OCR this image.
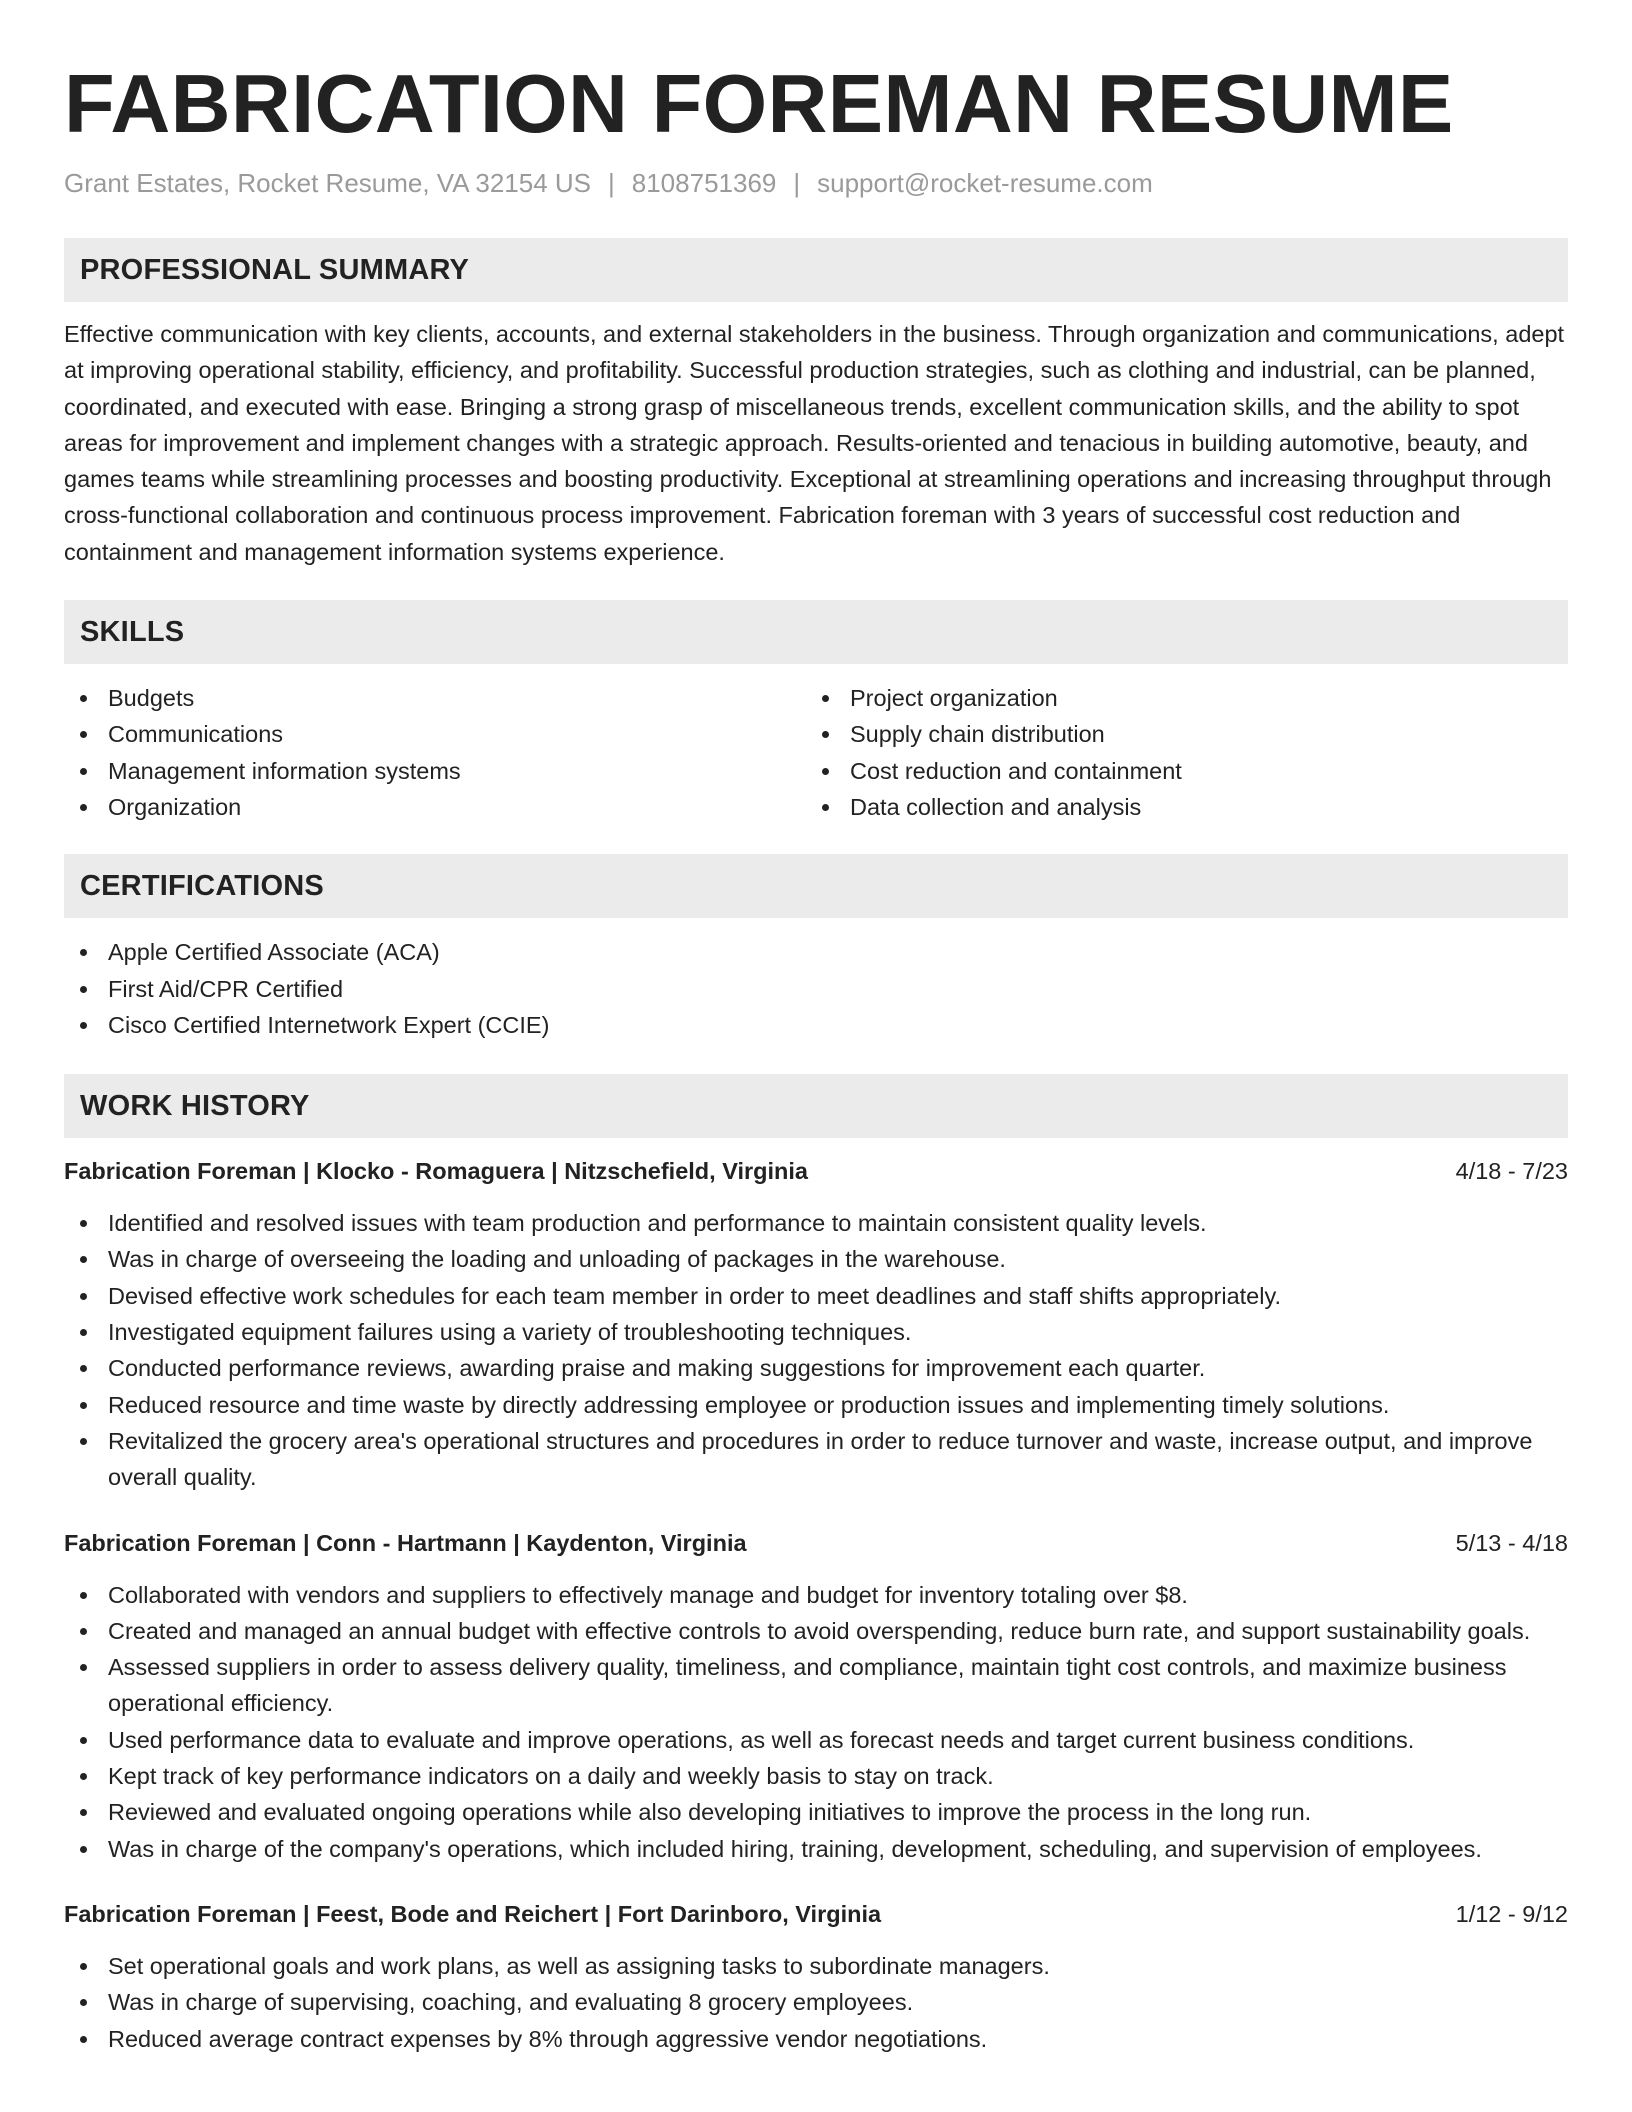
FABRICATION FOREMAN RESUME
Grant Estates, Rocket Resume, VA 32154 US | 8108751369 | support@rocket-resume.com
PROFESSIONAL SUMMARY

Effective communication with key clients, accounts, and external stakeholders in the business. Through organization and communications, adept at improving operational stability, efficiency, and profitability. Successful production strategies, such as clothing and industrial, can be planned, coordinated, and executed with ease. Bringing a strong grasp of miscellaneous trends, excellent communication skills, and the ability to spot areas for improvement and implement changes with a strategic approach. Results-oriented and tenacious in building automotive, beauty, and games teams while streamlining processes and boosting productivity. Exceptional at streamlining operations and increasing throughput through cross-functional collaboration and continuous process improvement. Fabrication foreman with 3 years of successful cost reduction and containment and management information systems experience.

SKILLS
Budgets
Communications
Management information systems
Organization
Project organization
Supply chain distribution
Cost reduction and containment
Data collection and analysis
CERTIFICATIONS
Apple Certified Associate (ACA)
First Aid/CPR Certified
Cisco Certified Internetwork Expert (CCIE)
WORK HISTORY
Fabrication Foreman | Klocko - Romaguera | Nitzschefield, Virginia	4/18 - 7/23
Identified and resolved issues with team production and performance to maintain consistent quality levels.
Was in charge of overseeing the loading and unloading of packages in the warehouse.
Devised effective work schedules for each team member in order to meet deadlines and staff shifts appropriately.
Investigated equipment failures using a variety of troubleshooting techniques.
Conducted performance reviews, awarding praise and making suggestions for improvement each quarter.
Reduced resource and time waste by directly addressing employee or production issues and implementing timely solutions.
Revitalized the grocery area's operational structures and procedures in order to reduce turnover and waste, increase output, and improve overall quality.
Fabrication Foreman | Conn - Hartmann | Kaydenton, Virginia	5/13 - 4/18
Collaborated with vendors and suppliers to effectively manage and budget for inventory totaling over $8.
Created and managed an annual budget with effective controls to avoid overspending, reduce burn rate, and support sustainability goals.
Assessed suppliers in order to assess delivery quality, timeliness, and compliance, maintain tight cost controls, and maximize business operational efficiency.
Used performance data to evaluate and improve operations, as well as forecast needs and target current business conditions.
Kept track of key performance indicators on a daily and weekly basis to stay on track.
Reviewed and evaluated ongoing operations while also developing initiatives to improve the process in the long run.
Was in charge of the company's operations, which included hiring, training, development, scheduling, and supervision of employees.
Fabrication Foreman | Feest, Bode and Reichert | Fort Darinboro, Virginia	1/12 - 9/12
Set operational goals and work plans, as well as assigning tasks to subordinate managers.
Was in charge of supervising, coaching, and evaluating 8 grocery employees.
Reduced average contract expenses by 8% through aggressive vendor negotiations.
